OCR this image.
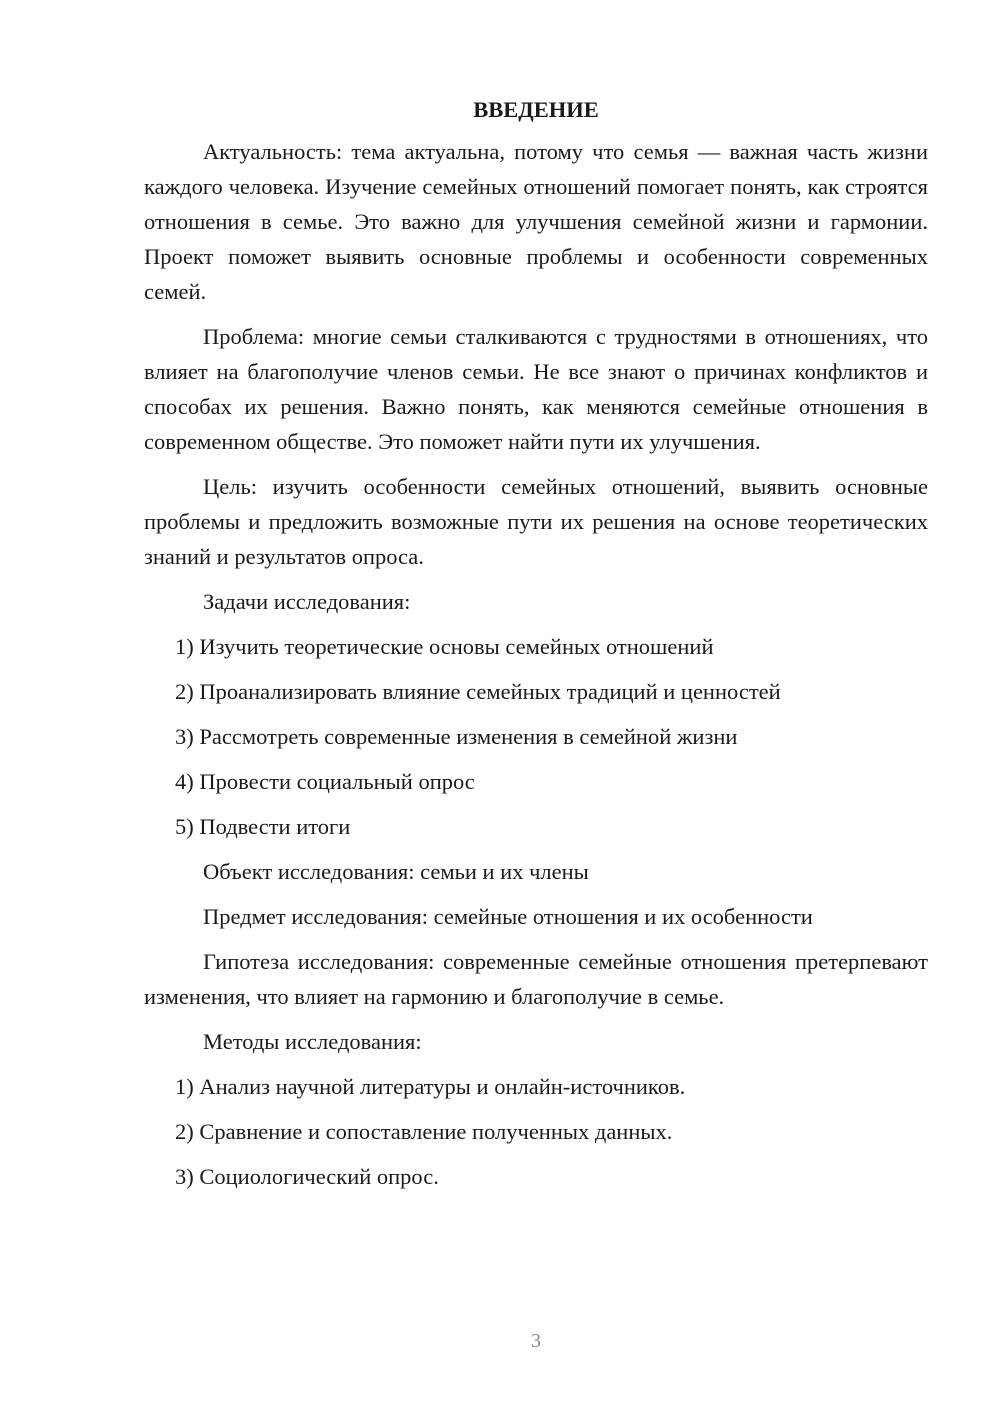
ВВЕДЕНИЕ

Актуальность: тема актуальна, потому что семья — важная часть жизни каждого человека. Изучение семейных отношений помогает понять, как строятся отношения в семье. Это важно для улучшения семейной жизни и гармонии. Проект поможет выявить основные проблемы и особенности современных семей.

Проблема: многие семьи сталкиваются с трудностями в отношениях, что влияет на благополучие членов семьи. Не все знают о причинах конфликтов и способах их решения. Важно понять, как меняются семейные отношения в современном обществе. Это поможет найти пути их улучшения.

Цель: изучить особенности семейных отношений, выявить основные проблемы и предложить возможные пути их решения на основе теоретических знаний и результатов опроса.

Задачи исследования:

1) Изучить теоретические основы семейных отношений

2) Проанализировать влияние семейных традиций и ценностей

3) Рассмотреть современные изменения в семейной жизни

4) Провести социальный опрос

5) Подвести итоги

Объект исследования: семьи и их члены

Предмет исследования: семейные отношения и их особенности

Гипотеза исследования: современные семейные отношения претерпевают изменения, что влияет на гармонию и благополучие в семье.

Методы исследования:

1) Анализ научной литературы и онлайн-источников.

2) Сравнение и сопоставление полученных данных.

3) Социологический опрос.

3
